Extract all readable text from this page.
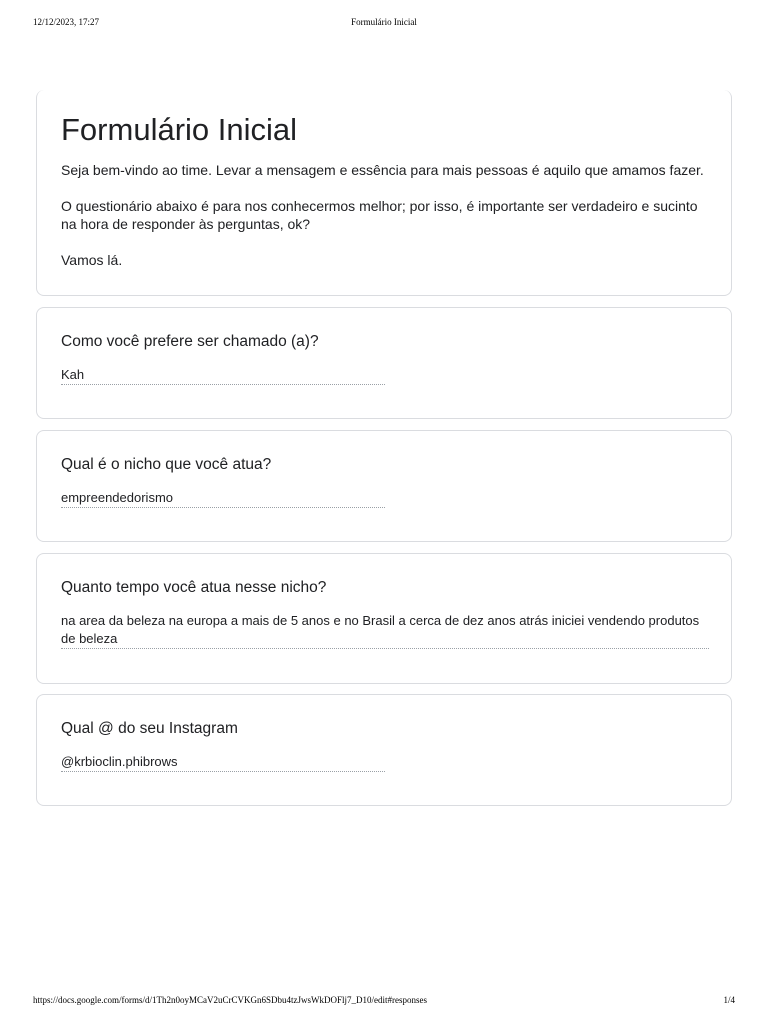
12/12/2023, 17:27	Formulário Inicial
Formulário Inicial

Seja bem-vindo ao time. Levar a mensagem e essência para mais pessoas é aquilo que amamos fazer.

O questionário abaixo é para nos conhecermos melhor; por isso, é importante ser verdadeiro e sucinto na hora de responder às perguntas, ok?

Vamos lá.

Como você prefere ser chamado (a)?

Kah

Qual é o nicho que você atua?

empreendedorismo

Quanto tempo você atua nesse nicho?

na area da beleza na europa a mais de 5 anos e no Brasil a cerca de dez anos atrás iniciei vendendo produtos de beleza

Qual @ do seu Instagram

@krbioclin.phibrows
https://docs.google.com/forms/d/1Th2n0oyMCaV2uCrCVKGn6SDbu4tzJwsWkDOFlj7_D10/edit#responses	1/4
